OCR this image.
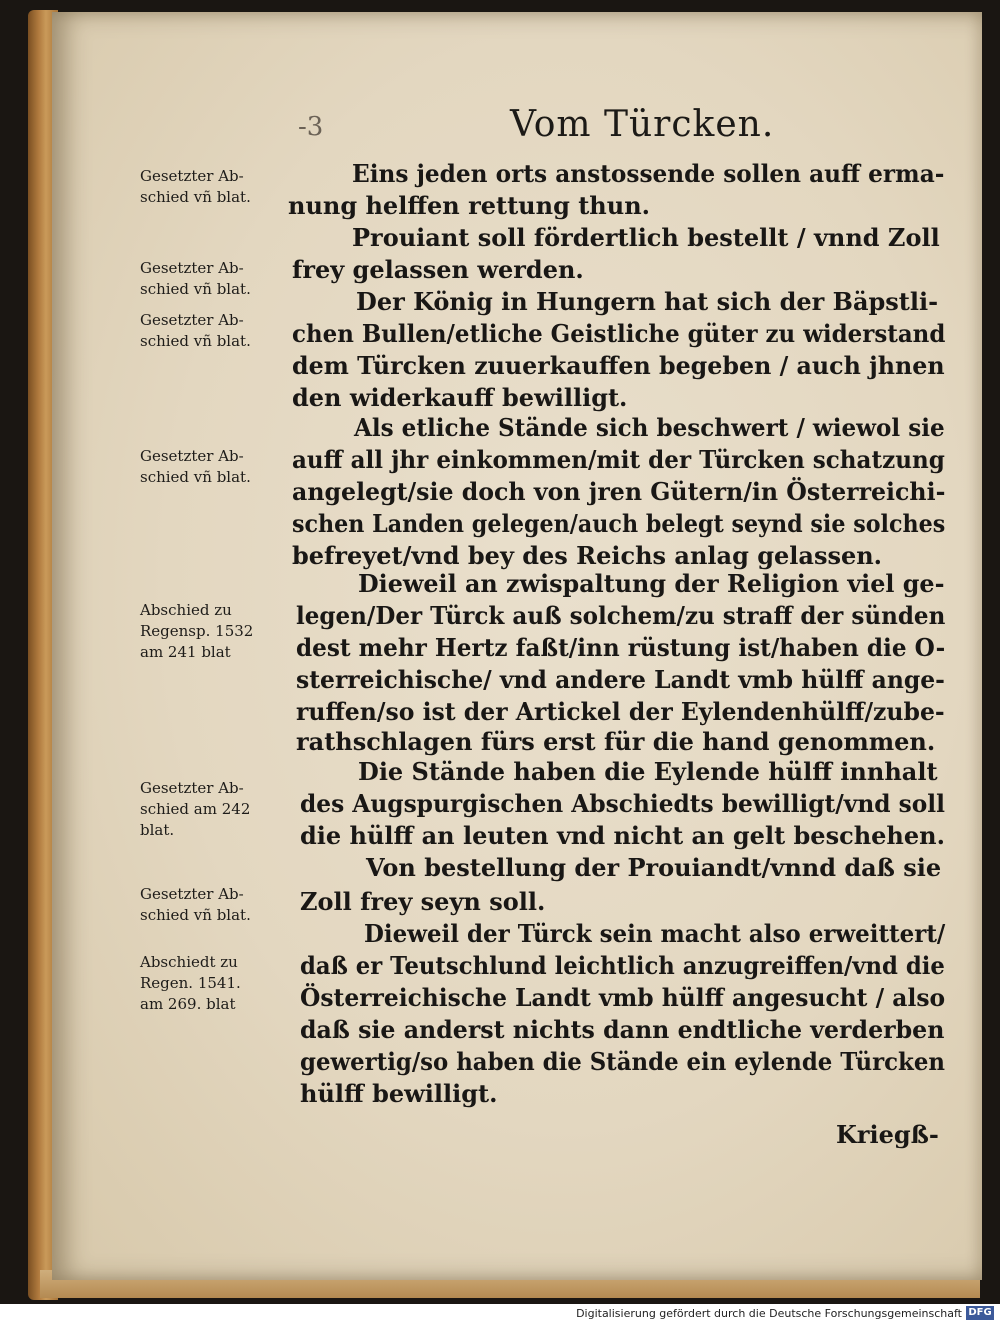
-3	Vom Türcken.
Gesetzter Ab-
schied vñ blat.
Gesetzter Ab-
schied vñ blat.
Gesetzter Ab-
schied vñ blat.
Gesetzter Ab-
schied vñ blat.
Abschied zu
Regensp. 1532
am 241 blat
Gesetzter Ab-
schied am 242
blat.
Gesetzter Ab-
schied vñ blat.
Abschiedt zu
Regen. 1541.
am 269. blat
Eins jeden orts anstossende sollen auff erma-
nung helffen rettung thun.
Prouiant soll fördertlich bestellt / vnnd Zoll
frey gelassen werden.
Der König in Hungern hat sich der Bäpstli-
chen Bullen/etliche Geistliche güter zu widerstand
dem Türcken zuuerkauffen begeben / auch jhnen
den widerkauff bewilligt.
Als etliche Stände sich beschwert / wiewol sie
auff all jhr einkommen/mit der Türcken schatzung
angelegt/sie doch von jren Gütern/in Österreichi-
schen Landen gelegen/auch belegt seynd sie solches
befreyet/vnd bey des Reichs anlag gelassen.
Dieweil an zwispaltung der Religion viel ge-
legen/Der Türck auß solchem/zu straff der sünden
dest mehr Hertz faßt/inn rüstung ist/haben die O-
sterreichische/ vnd andere Landt vmb hülff ange-
ruffen/so ist der Artickel der Eylendenhülff/zube-
rathschlagen fürs erst für die hand genommen.
Die Stände haben die Eylende hülff innhalt
des Augspurgischen Abschiedts bewilligt/vnd soll
die hülff an leuten vnd nicht an gelt beschehen.
Von bestellung der Prouiandt/vnnd daß sie
Zoll frey seyn soll.
Dieweil der Türck sein macht also erweittert/
daß er Teutschlund leichtlich anzugreiffen/vnd die
Österreichische Landt vmb hülff angesucht / also
daß sie anderst nichts dann endtliche verderben
gewertig/so haben die Stände ein eylende Türcken
hülff bewilligt.
Kriegß-
Digitalisierung gefördert durch die Deutsche Forschungsgemeinschaft DFG
